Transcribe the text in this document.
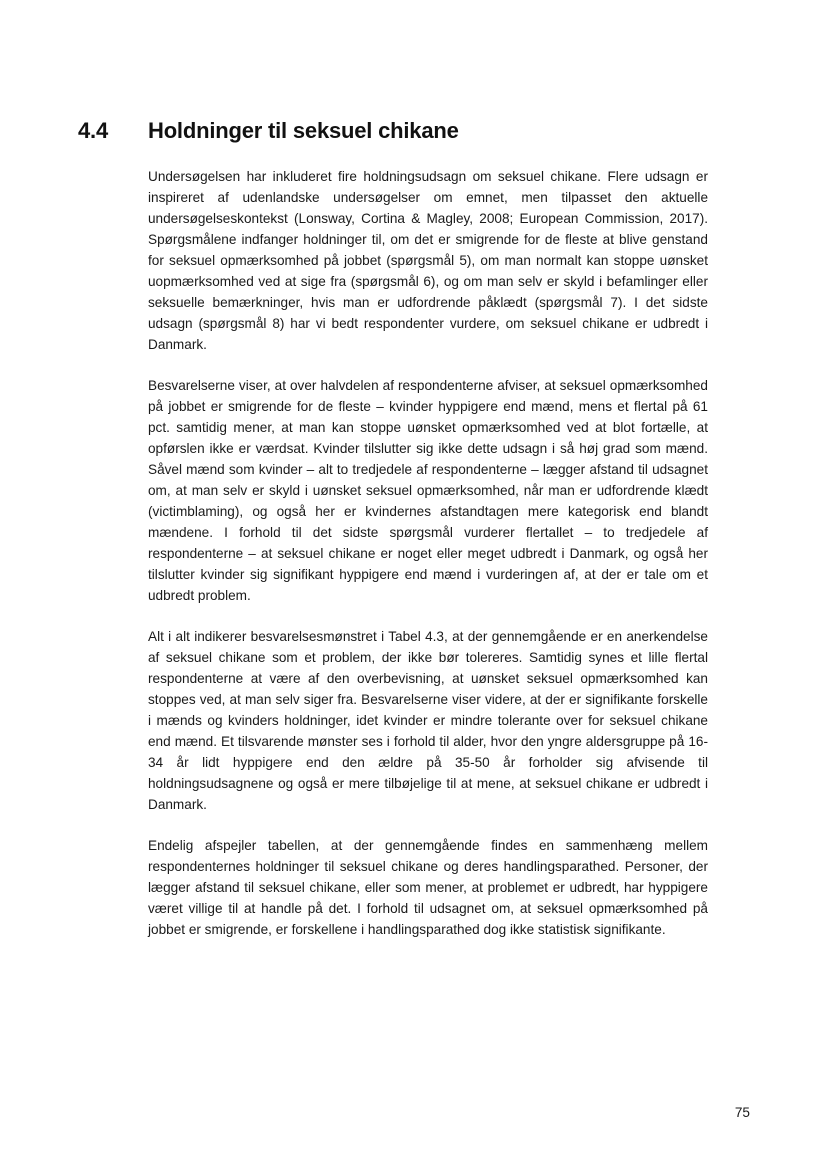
4.4	Holdninger til seksuel chikane

Undersøgelsen har inkluderet fire holdningsudsagn om seksuel chikane. Flere udsagn er inspireret af udenlandske undersøgelser om emnet, men tilpasset den aktuelle undersøgelseskontekst (Lonsway, Cortina & Magley, 2008; European Commission, 2017). Spørgsmålene indfanger holdninger til, om det er smigrende for de fleste at blive genstand for seksuel opmærksomhed på jobbet (spørgsmål 5), om man normalt kan stoppe uønsket uopmærksomhed ved at sige fra (spørgsmål 6), og om man selv er skyld i befamlinger eller seksuelle bemærkninger, hvis man er udfordrende påklædt (spørgsmål 7). I det sidste udsagn (spørgsmål 8) har vi bedt respondenter vurdere, om seksuel chikane er udbredt i Danmark.

Besvarelserne viser, at over halvdelen af respondenterne afviser, at seksuel opmærksomhed på jobbet er smigrende for de fleste – kvinder hyppigere end mænd, mens et flertal på 61 pct. samtidig mener, at man kan stoppe uønsket opmærksomhed ved at blot fortælle, at opførslen ikke er værdsat. Kvinder tilslutter sig ikke dette udsagn i så høj grad som mænd. Såvel mænd som kvinder – alt to tredjedele af respondenterne – lægger afstand til udsagnet om, at man selv er skyld i uønsket seksuel opmærksomhed, når man er udfordrende klædt (victimblaming), og også her er kvindernes afstandtagen mere kategorisk end blandt mændene. I forhold til det sidste spørgsmål vurderer flertallet – to tredjedele af respondenterne – at seksuel chikane er noget eller meget udbredt i Danmark, og også her tilslutter kvinder sig signifikant hyppigere end mænd i vurderingen af, at der er tale om et udbredt problem.

Alt i alt indikerer besvarelsesmønstret i Tabel 4.3, at der gennemgående er en anerkendelse af seksuel chikane som et problem, der ikke bør tolereres. Samtidig synes et lille flertal respondenterne at være af den overbevisning, at uønsket seksuel opmærksomhed kan stoppes ved, at man selv siger fra. Besvarelserne viser videre, at der er signifikante forskelle i mænds og kvinders holdninger, idet kvinder er mindre tolerante over for seksuel chikane end mænd. Et tilsvarende mønster ses i forhold til alder, hvor den yngre aldersgruppe på 16-34 år lidt hyppigere end den ældre på 35-50 år forholder sig afvisende til holdningsudsagnene og også er mere tilbøjelige til at mene, at seksuel chikane er udbredt i Danmark.

Endelig afspejler tabellen, at der gennemgående findes en sammenhæng mellem respondenternes holdninger til seksuel chikane og deres handlingsparathed. Personer, der lægger afstand til seksuel chikane, eller som mener, at problemet er udbredt, har hyppigere været villige til at handle på det. I forhold til udsagnet om, at seksuel opmærksomhed på jobbet er smigrende, er forskellene i handlingsparathed dog ikke statistisk signifikante.

75
